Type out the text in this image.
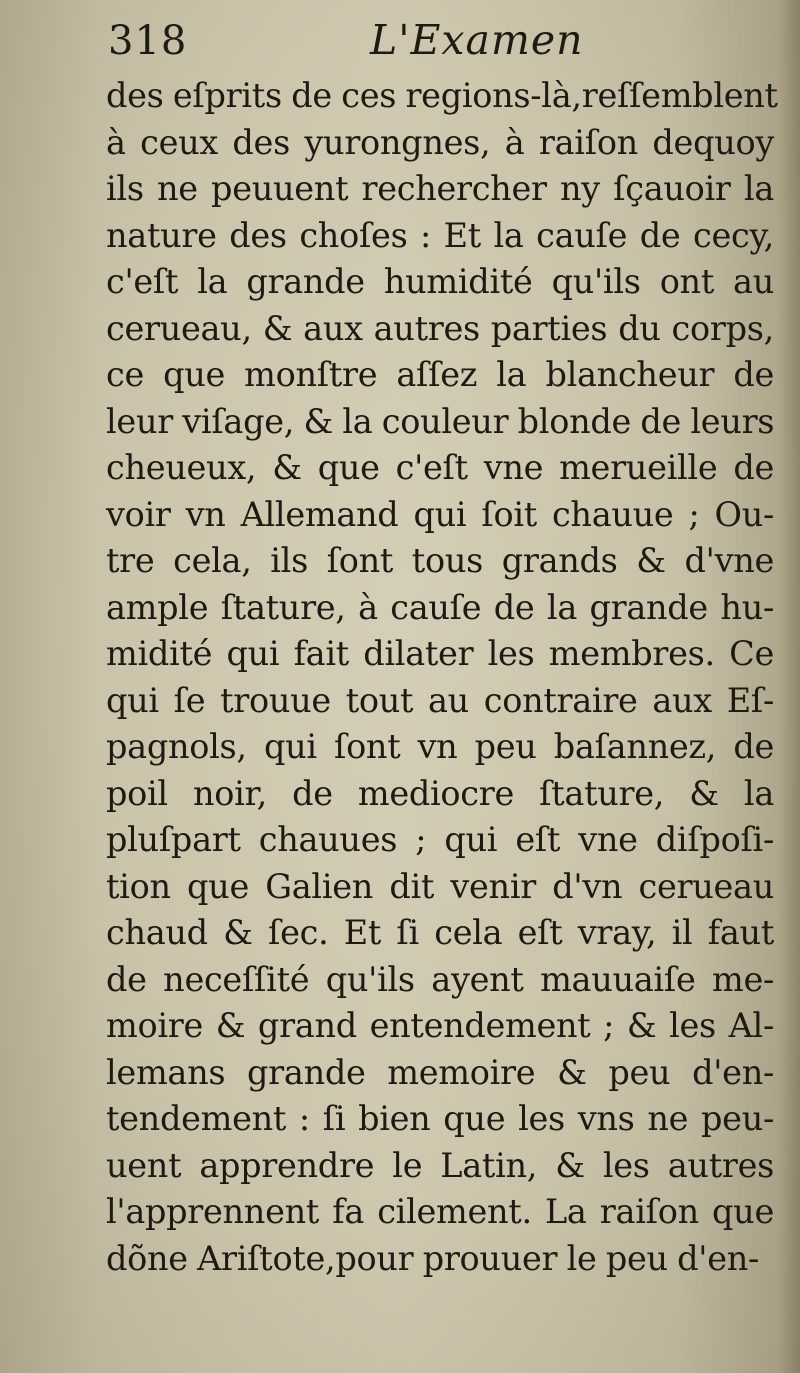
318	L'Examen
des eſprits de ces regions-là,reſſemblent
à ceux des yurongnes, à raiſon dequoy
ils ne peuuent rechercher ny ſçauoir la
nature des choſes : Et la cauſe de cecy,
c'eſt la grande humidité qu'ils ont au
cerueau, & aux autres parties du corps,
ce que monſtre aſſez la blancheur de
leur viſage, & la couleur blonde de leurs
cheueux, & que c'eſt vne merueille de
voir vn Allemand qui ſoit chauue ; Ou-
tre cela, ils ſont tous grands & d'vne
ample ſtature, à cauſe de la grande hu-
midité qui fait dilater les membres. Ce
qui ſe trouue tout au contraire aux Eſ-
pagnols, qui ſont vn peu baſannez, de
poil noir, de mediocre ſtature, & la
pluſpart chauues ; qui eſt vne diſpoſi-
tion que Galien dit venir d'vn cerueau
chaud & ſec. Et ſi cela eſt vray, il faut
de neceſſité qu'ils ayent mauuaiſe me-
moire & grand entendement ; & les Al-
lemans grande memoire & peu d'en-
tendement : ſi bien que les vns ne peu-
uent apprendre le Latin, & les autres
l'apprennent fa cilement. La raiſon que
dõne Ariſtote,pour prouuer le peu d'en-
